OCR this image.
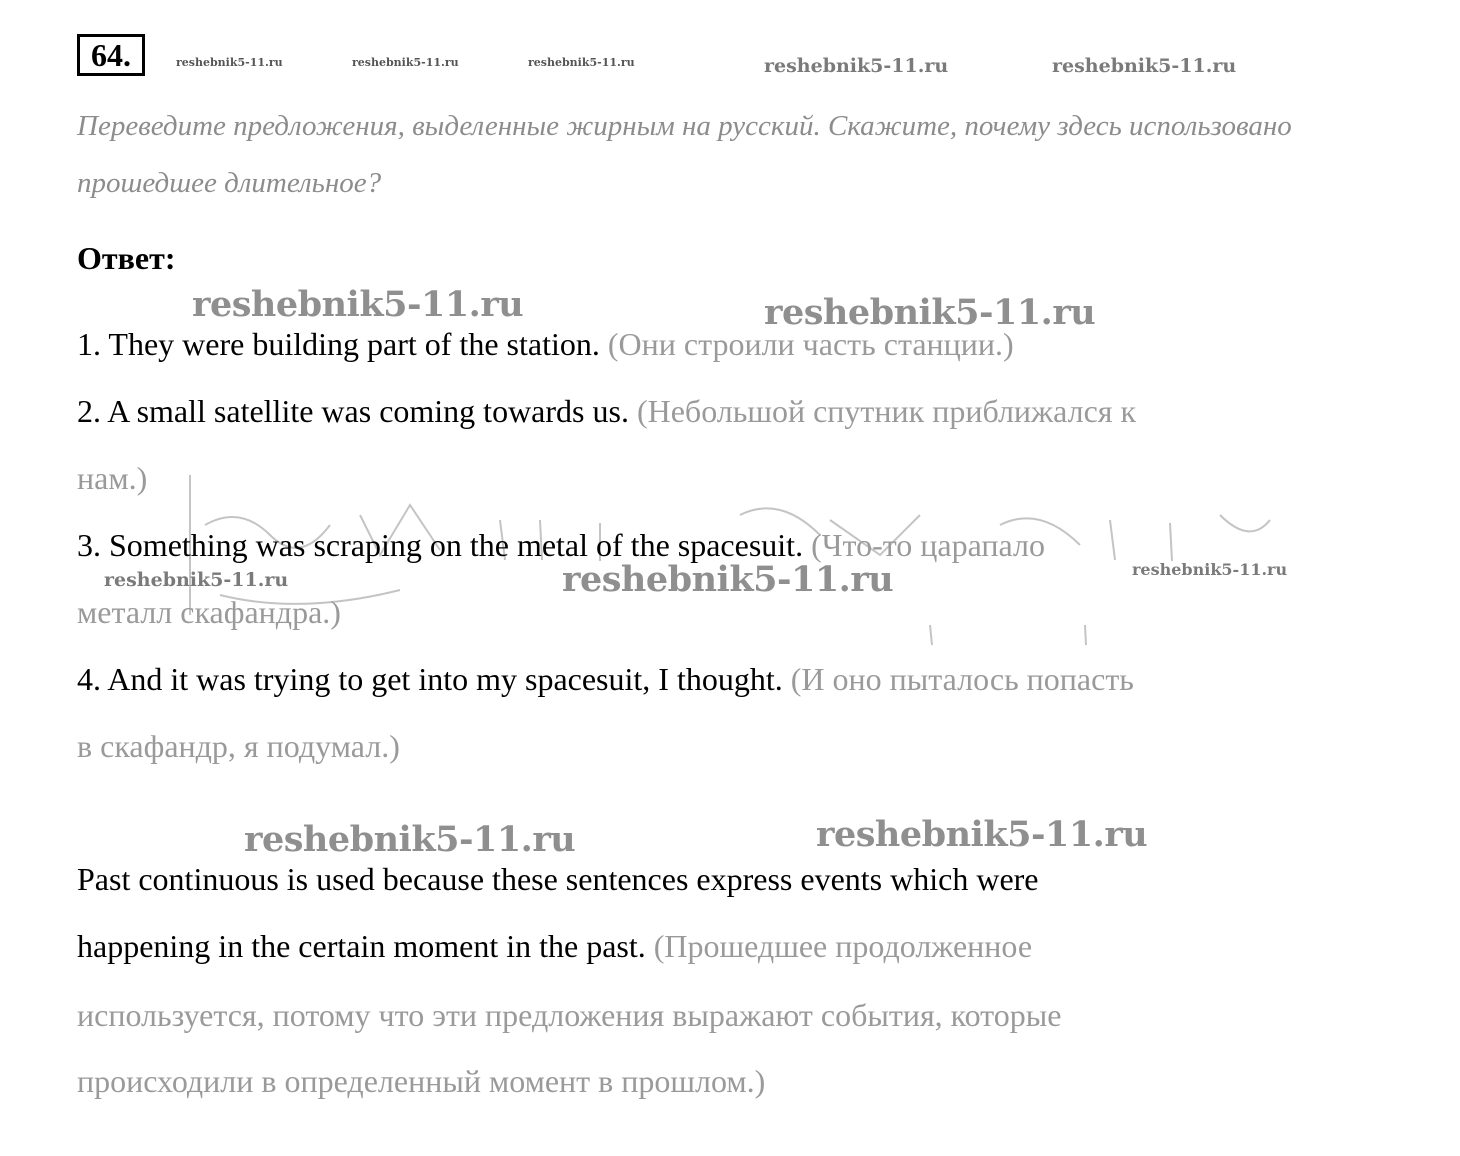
64.	reshebnik5-11.ru	reshebnik5-11.ru	reshebnik5-11.ru	reshebnik5-11.ru	reshebnik5-11.ru
Переведите предложения, выделенные жирным на русский. Скажите, почему здесь использовано прошедшее длительное?
Ответ:
reshebnik5-11.ru	reshebnik5-11.ru
1. They were building part of the station. (Они строили часть станции.)
2. A small satellite was coming towards us. (Небольшой спутник приближался к
нам.)
3. Something was scraping on the metal of the spacesuit. (Что-то царапало
reshebnik5-11.ru	reshebnik5-11.ru	reshebnik5-11.ru
металл скафандра.)
4. And it was trying to get into my spacesuit, I thought. (И оно пыталось попасть
в скафандр, я подумал.)
reshebnik5-11.ru	reshebnik5-11.ru
Past continuous is used because these sentences express events which were
happening in the certain moment in the past. (Прошедшее продолженное
используется, потому что эти предложения выражают события, которые
происходили в определенный момент в прошлом.)
